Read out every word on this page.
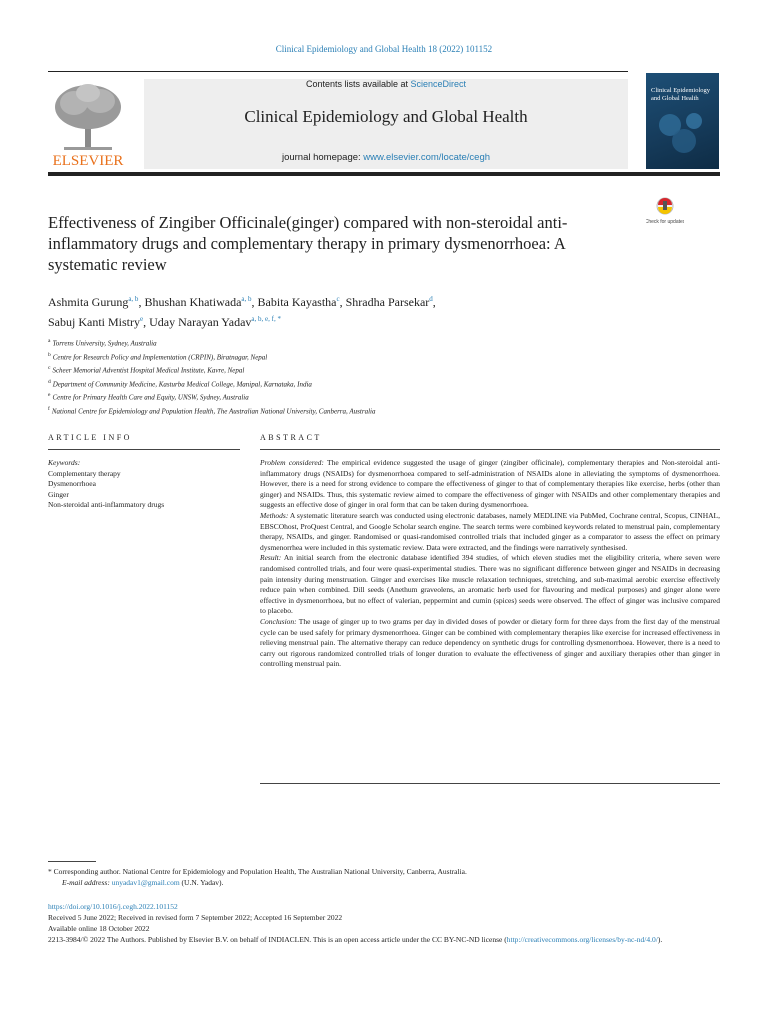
Clinical Epidemiology and Global Health 18 (2022) 101152
ELSEVIER
Contents lists available at ScienceDirect
Clinical Epidemiology and Global Health
journal homepage: www.elsevier.com/locate/cegh
Clinical Epidemiology and Global Health
Effectiveness of Zingiber Officinale(ginger) compared with non-steroidal anti-inflammatory drugs and complementary therapy in primary dysmenorrhoea: A systematic review
Check for updates
Ashmita Gurung$^{a, b}$, Bhushan Khatiwada$^{a, b}$, Babita Kayastha$^c$, Shradha Parsekar$^d$,
Sabuj Kanti Mistry$^e$, Uday Narayan Yadav$^{a, b, e, f, *}$
$^a$ Torrens University, Sydney, Australia
$^b$ Centre for Research Policy and Implementation (CRPIN), Biratnagar, Nepal
$^c$ Scheer Memorial Adventist Hospital Medical Institute, Kavre, Nepal
$^d$ Department of Community Medicine, Kasturba Medical College, Manipal, Karnataka, India
$^e$ Centre for Primary Health Care and Equity, UNSW, Sydney, Australia
$^f$ National Centre for Epidemiology and Population Health, The Australian National University, Canberra, Australia
ARTICLE INFO	ABSTRACT
Keywords:
Complementary therapy
Dysmenorrhoea
Ginger
Non-steroidal anti-inflammatory drugs

Problem considered: The empirical evidence suggested the usage of ginger (zingiber officinale), complementary therapies and Non-steroidal anti-inflammatory drugs (NSAIDs) for dysmenorrhoea compared to self-administration of NSAIDs alone in alleviating the symptoms of dysmenorrhoea. However, there is a need for strong evidence to compare the effectiveness of ginger to that of complementary therapies like exercise, herbs (other than ginger) and NSAIDs. Thus, this systematic review aimed to compare the effectiveness of ginger with NSAIDs and other complementary therapies and suggests an effective dose of ginger in oral form that can be taken during dysmenorrhoea.

Methods: A systematic literature search was conducted using electronic databases, namely MEDLINE via PubMed, Cochrane central, Scopus, CINHAL, EBSCOhost, ProQuest Central, and Google Scholar search engine. The search terms were combined keywords related to menstrual pain, complementary therapy, NSAIDs, and ginger. Randomised or quasi-randomised controlled trials that included ginger as a comparator to assess the effect on primary dysmenorrhea were included in this systematic review. Data were extracted, and the findings were narratively synthesised.

Result: An initial search from the electronic database identified 394 studies, of which eleven studies met the eligibility criteria, where seven were randomised controlled trials, and four were quasi-experimental studies. There was no significant difference between ginger and NSAIDs in decreasing pain intensity during menstruation. Ginger and exercises like muscle relaxation techniques, stretching, and sub-maximal aerobic exercise effectively reduce pain when combined. Dill seeds (Anethum graveolens, an aromatic herb used for flavouring and medical purposes) and ginger alone were effective in dysmenorrhoea, but no effect of valerian, peppermint and cumin (spices) seeds were observed. The effect of ginger was inclusive compared to placebo.

Conclusion: The usage of ginger up to two grams per day in divided doses of powder or dietary form for three days from the first day of the menstrual cycle can be used safely for primary dysmenorrhoea. Ginger can be combined with complementary therapies like exercise for increased effectiveness in relieving menstrual pain. The alternative therapy can reduce dependency on synthetic drugs for controlling dysmenorrhoea. However, there is a need to carry out rigorous randomized controlled trials of longer duration to evaluate the effectiveness of ginger and auxiliary therapies other than ginger in controlling menstrual pain.

* Corresponding author. National Centre for Epidemiology and Population Health, The Australian National University, Canberra, Australia.
E-mail address: unyadav1@gmail.com (U.N. Yadav).
https://doi.org/10.1016/j.cegh.2022.101152
Received 5 June 2022; Received in revised form 7 September 2022; Accepted 16 September 2022
Available online 18 October 2022
2213-3984/© 2022 The Authors. Published by Elsevier B.V. on behalf of INDIACLEN. This is an open access article under the CC BY-NC-ND license (http://creativecommons.org/licenses/by-nc-nd/4.0/).
